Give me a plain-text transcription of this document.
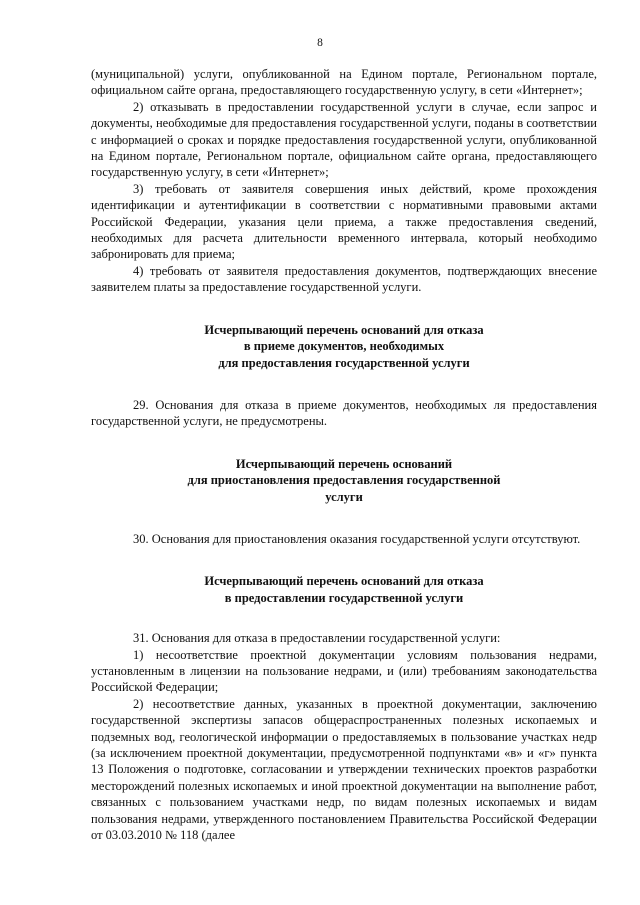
8

(муниципальной) услуги, опубликованной на Едином портале, Региональном портале, официальном сайте органа, предоставляющего государственную услугу, в сети «Интернет»;

2) отказывать в предоставлении государственной услуги в случае, если запрос и документы, необходимые для предоставления государственной услуги, поданы в соответствии с информацией о сроках и порядке предоставления государственной услуги, опубликованной на Едином портале, Региональном портале, официальном сайте органа, предоставляющего государственную услугу, в сети «Интернет»;

3) требовать от заявителя совершения иных действий, кроме прохождения идентификации и аутентификации в соответствии с нормативными правовыми актами Российской Федерации, указания цели приема, а также предоставления сведений, необходимых для расчета длительности временного интервала, который необходимо забронировать для приема;

4) требовать от заявителя предоставления документов, подтверждающих внесение заявителем платы за предоставление государственной услуги.

Исчерпывающий перечень оснований для отказа
в приеме документов, необходимых
для предоставления государственной услуги

29. Основания для отказа в приеме документов, необходимых ля предоставления государственной услуги, не предусмотрены.

Исчерпывающий перечень оснований
для приостановления предоставления государственной
услуги

30. Основания для приостановления оказания государственной услуги отсутствуют.

Исчерпывающий перечень оснований для отказа
в предоставлении государственной услуги

31. Основания для отказа в предоставлении государственной услуги:

1) несоответствие проектной документации условиям пользования недрами, установленным в лицензии на пользование недрами, и (или) требованиям законодательства Российской Федерации;

2) несоответствие данных, указанных в проектной документации, заключению государственной экспертизы запасов общераспространенных полезных ископаемых и подземных вод, геологической информации о предоставляемых в пользование участках недр (за исключением проектной документации, предусмотренной подпунктами «в» и «г» пункта 13 Положения о подготовке, согласовании и утверждении технических проектов разработки месторождений полезных ископаемых и иной проектной документации на выполнение работ, связанных с пользованием участками недр, по видам полезных ископаемых и видам пользования недрами, утвержденного постановлением Правительства Российской Федерации от 03.03.2010 № 118 (далее
